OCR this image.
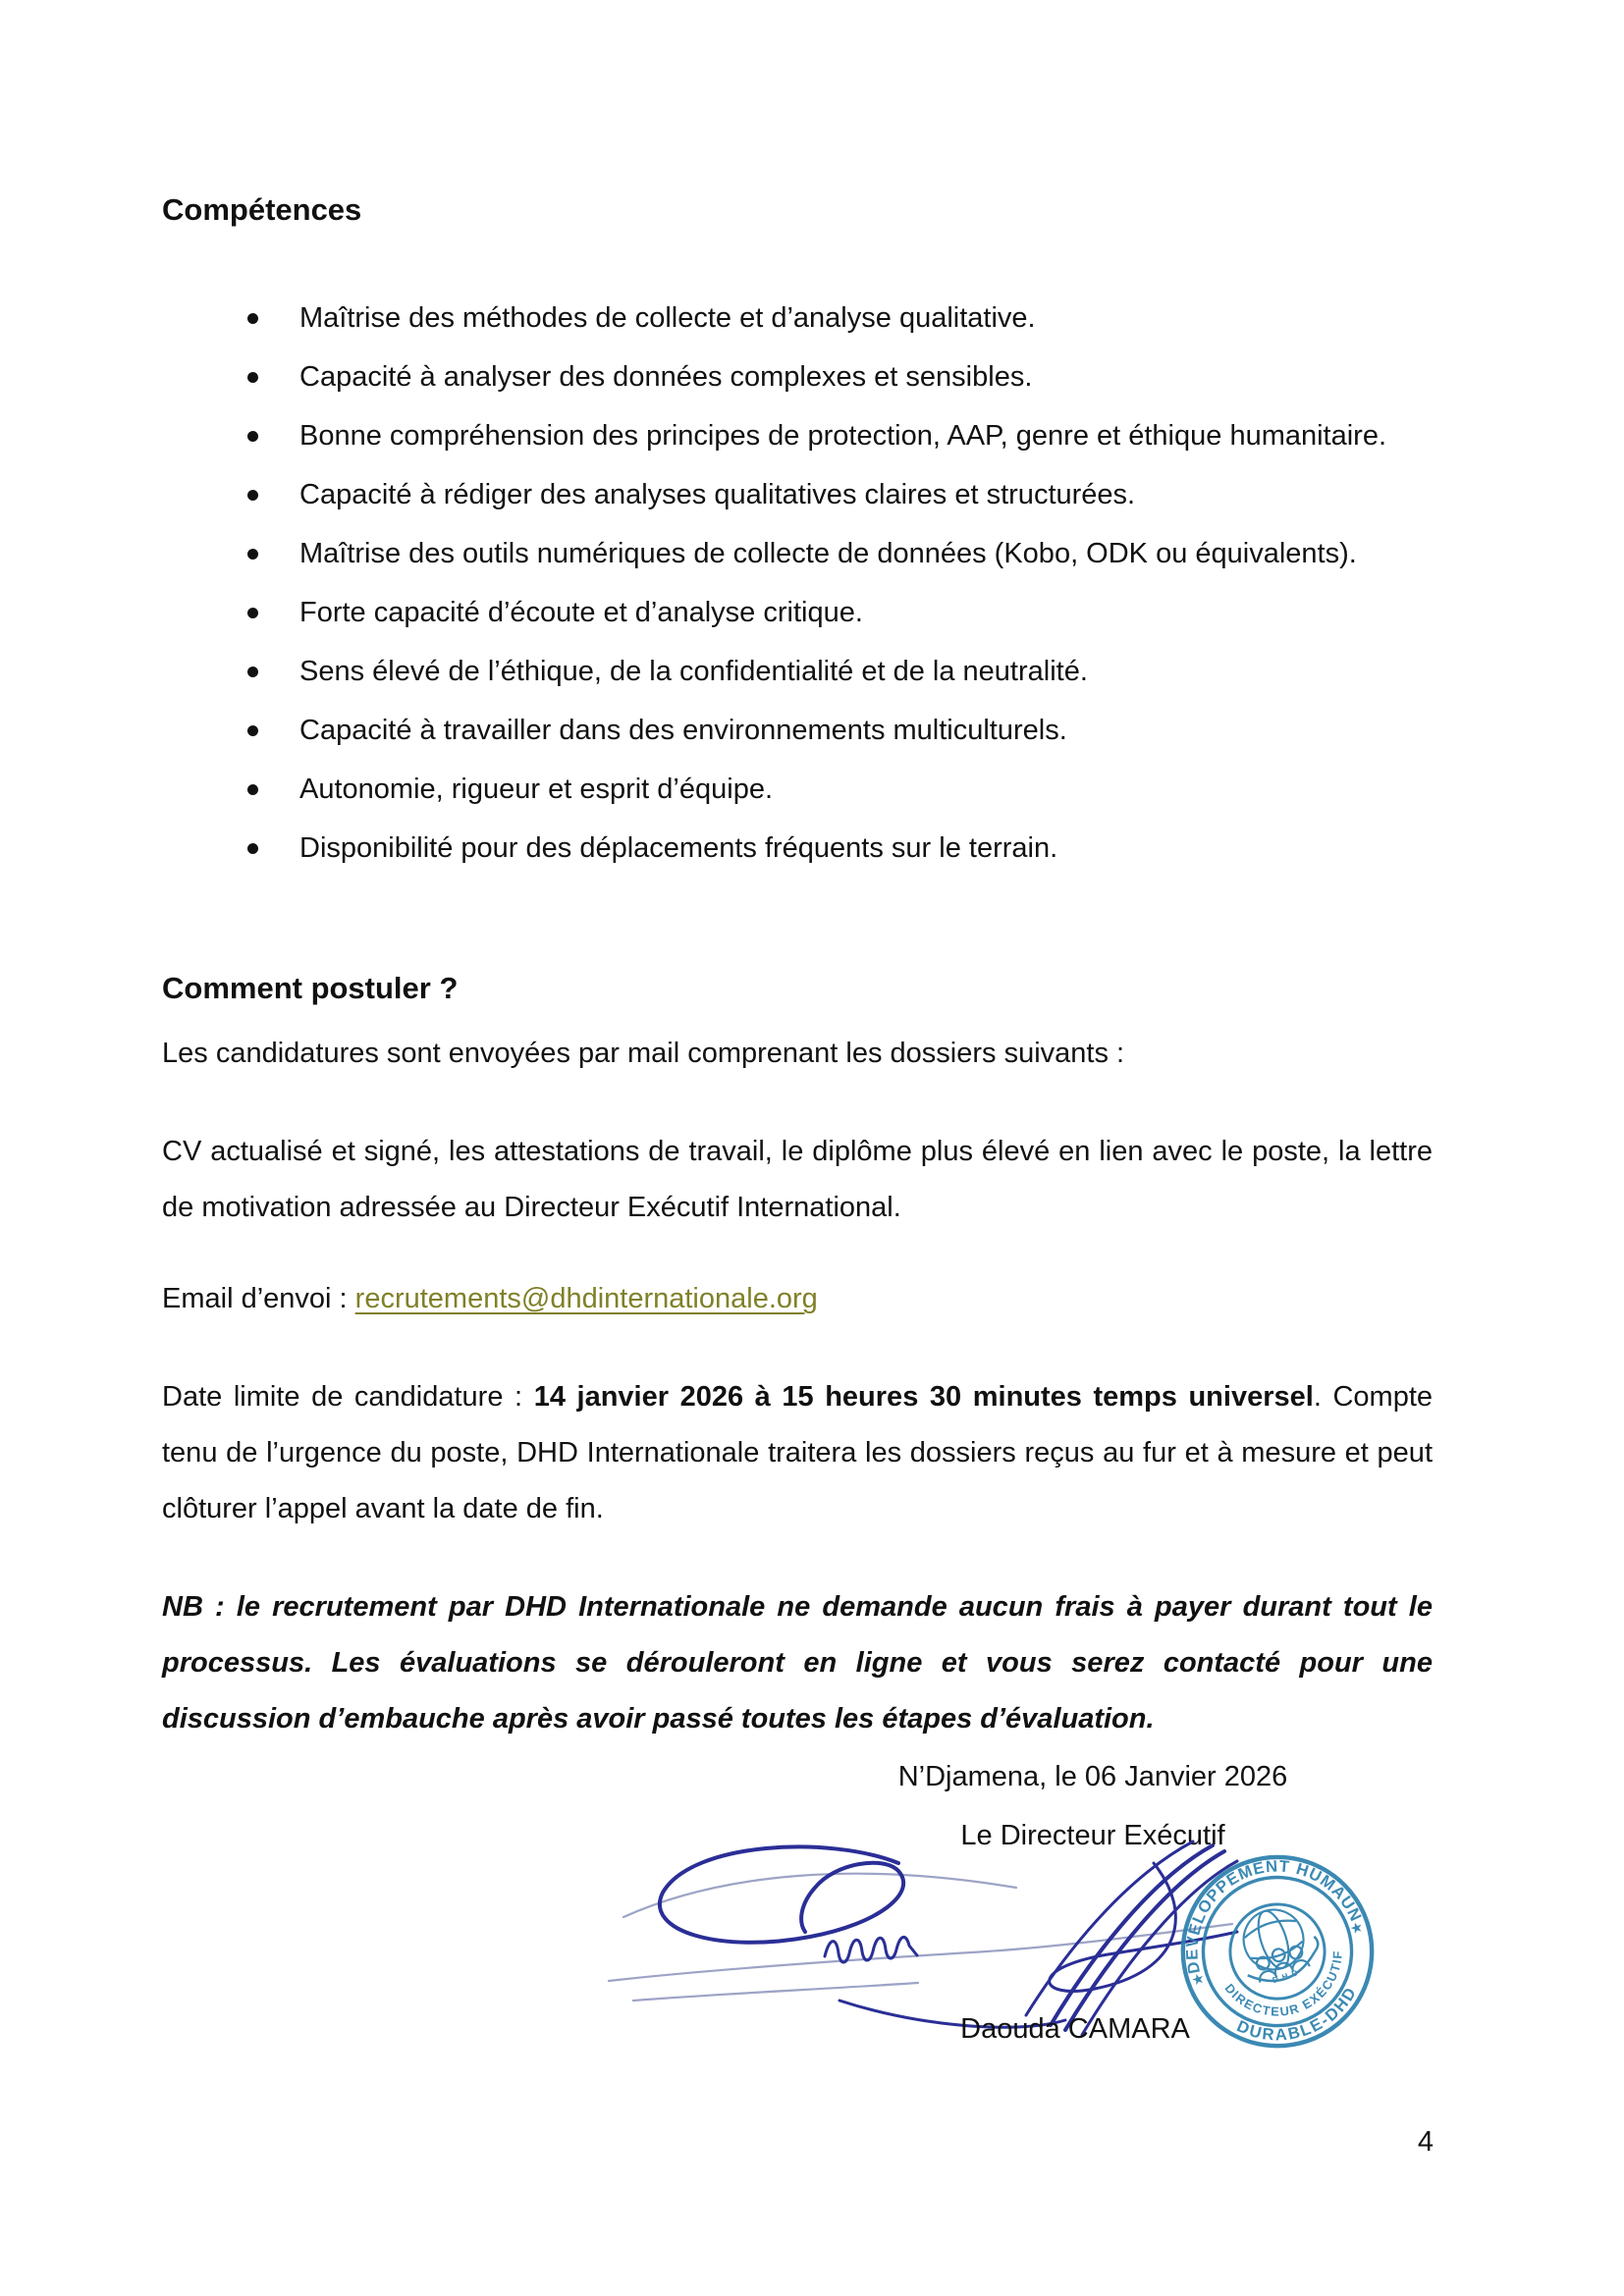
Compétences
Maîtrise des méthodes de collecte et d’analyse qualitative.
Capacité à analyser des données complexes et sensibles.
Bonne compréhension des principes de protection, AAP, genre et éthique humanitaire.
Capacité à rédiger des analyses qualitatives claires et structurées.
Maîtrise des outils numériques de collecte de données (Kobo, ODK ou équivalents).
Forte capacité d’écoute et d’analyse critique.
Sens élevé de l’éthique, de la confidentialité et de la neutralité.
Capacité à travailler dans des environnements multiculturels.
Autonomie, rigueur et esprit d’équipe.
Disponibilité pour des déplacements fréquents sur le terrain.
Comment postuler ?

Les candidatures sont envoyées par mail comprenant les dossiers suivants :

CV actualisé et signé, les attestations de travail, le diplôme plus élevé en lien avec le poste, la lettre de motivation adressée au Directeur Exécutif International.

Email d’envoi : recrutements@dhdinternationale.org

Date limite de candidature : 14 janvier 2026 à 15 heures 30 minutes temps universel. Compte tenu de l’urgence du poste, DHD Internationale traitera les dossiers reçus au fur et à mesure et peut clôturer l’appel avant la date de fin.

NB : le recrutement par DHD Internationale ne demande aucun frais à payer durant tout le processus. Les évaluations se dérouleront en ligne et vous serez contacté pour une discussion d’embauche après avoir passé toutes les étapes d’évaluation.

N’Djamena, le 06 Janvier 2026
Le Directeur Exécutif
DEVELOPPEMENT HUMAUN
DURABLE-DHD
DIRECTEUR EXÉCUTIF
★
★
D H D
Daouda CAMARA
4
